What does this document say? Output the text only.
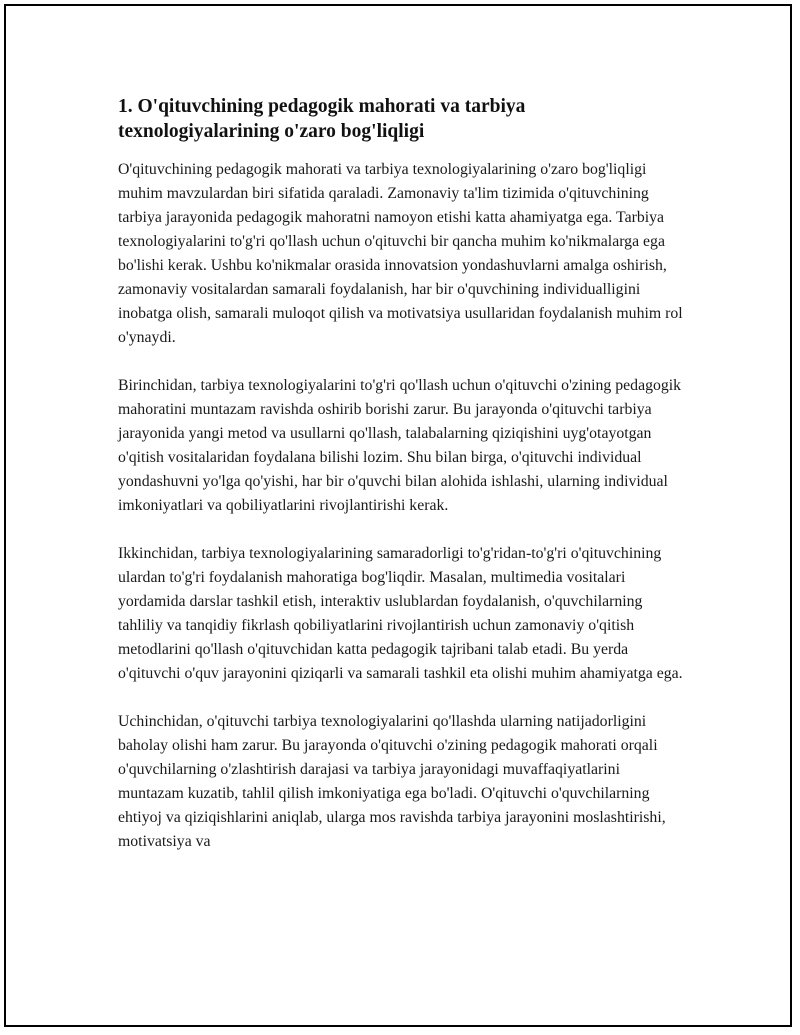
1. O'qituvchining pedagogik mahorati va tarbiya texnologiyalarining o'zaro bog'liqligi

O'qituvchining pedagogik mahorati va tarbiya texnologiyalarining o'zaro bog'liqligi muhim mavzulardan biri sifatida qaraladi. Zamonaviy ta'lim tizimida o'qituvchining tarbiya jarayonida pedagogik mahoratni namoyon etishi katta ahamiyatga ega. Tarbiya texnologiyalarini to'g'ri qo'llash uchun o'qituvchi bir qancha muhim ko'nikmalarga ega bo'lishi kerak. Ushbu ko'nikmalar orasida innovatsion yondashuvlarni amalga oshirish, zamonaviy vositalardan samarali foydalanish, har bir o'quvchining individualligini inobatga olish, samarali muloqot qilish va motivatsiya usullaridan foydalanish muhim rol o'ynaydi.

Birinchidan, tarbiya texnologiyalarini to'g'ri qo'llash uchun o'qituvchi o'zining pedagogik mahoratini muntazam ravishda oshirib borishi zarur. Bu jarayonda o'qituvchi tarbiya jarayonida yangi metod va usullarni qo'llash, talabalarning qiziqishini uyg'otayotgan o'qitish vositalaridan foydalana bilishi lozim. Shu bilan birga, o'qituvchi individual yondashuvni yo'lga qo'yishi, har bir o'quvchi bilan alohida ishlashi, ularning individual imkoniyatlari va qobiliyatlarini rivojlantirishi kerak.

Ikkinchidan, tarbiya texnologiyalarining samaradorligi to'g'ridan-to'g'ri o'qituvchining ulardan to'g'ri foydalanish mahoratiga bog'liqdir. Masalan, multimedia vositalari yordamida darslar tashkil etish, interaktiv uslublardan foydalanish, o'quvchilarning tahliliy va tanqidiy fikrlash qobiliyatlarini rivojlantirish uchun zamonaviy o'qitish metodlarini qo'llash o'qituvchidan katta pedagogik tajribani talab etadi. Bu yerda o'qituvchi o'quv jarayonini qiziqarli va samarali tashkil eta olishi muhim ahamiyatga ega.

Uchinchidan, o'qituvchi tarbiya texnologiyalarini qo'llashda ularning natijadorligini baholay olishi ham zarur. Bu jarayonda o'qituvchi o'zining pedagogik mahorati orqali o'quvchilarning o'zlashtirish darajasi va tarbiya jarayonidagi muvaffaqiyatlarini muntazam kuzatib, tahlil qilish imkoniyatiga ega bo'ladi. O'qituvchi o'quvchilarning ehtiyoj va qiziqishlarini aniqlab, ularga mos ravishda tarbiya jarayonini moslashtirishi, motivatsiya va
